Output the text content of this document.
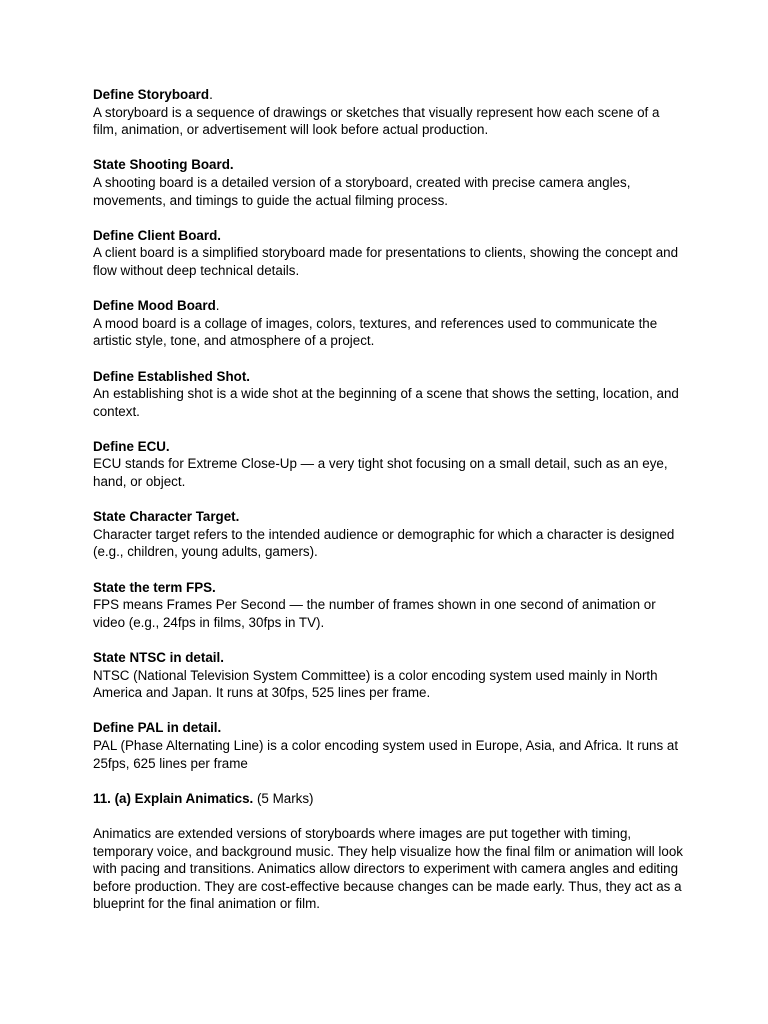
Define Storyboard.
A storyboard is a sequence of drawings or sketches that visually represent how each scene of a film, animation, or advertisement will look before actual production.
State Shooting Board.
A shooting board is a detailed version of a storyboard, created with precise camera angles, movements, and timings to guide the actual filming process.
Define Client Board.
A client board is a simplified storyboard made for presentations to clients, showing the concept and flow without deep technical details.
Define Mood Board.
A mood board is a collage of images, colors, textures, and references used to communicate the artistic style, tone, and atmosphere of a project.
Define Established Shot.
An establishing shot is a wide shot at the beginning of a scene that shows the setting, location, and context.
Define ECU.
ECU stands for Extreme Close-Up — a very tight shot focusing on a small detail, such as an eye, hand, or object.
State Character Target.
Character target refers to the intended audience or demographic for which a character is designed (e.g., children, young adults, gamers).
State the term FPS.
FPS means Frames Per Second — the number of frames shown in one second of animation or video (e.g., 24fps in films, 30fps in TV).
State NTSC in detail.
NTSC (National Television System Committee) is a color encoding system used mainly in North America and Japan. It runs at 30fps, 525 lines per frame.
Define PAL in detail.
PAL (Phase Alternating Line) is a color encoding system used in Europe, Asia, and Africa. It runs at 25fps, 625 lines per frame
11. (a) Explain Animatics. (5 Marks)

Animatics are extended versions of storyboards where images are put together with timing, temporary voice, and background music. They help visualize how the final film or animation will look with pacing and transitions. Animatics allow directors to experiment with camera angles and editing before production. They are cost-effective because changes can be made early. Thus, they act as a blueprint for the final animation or film.
